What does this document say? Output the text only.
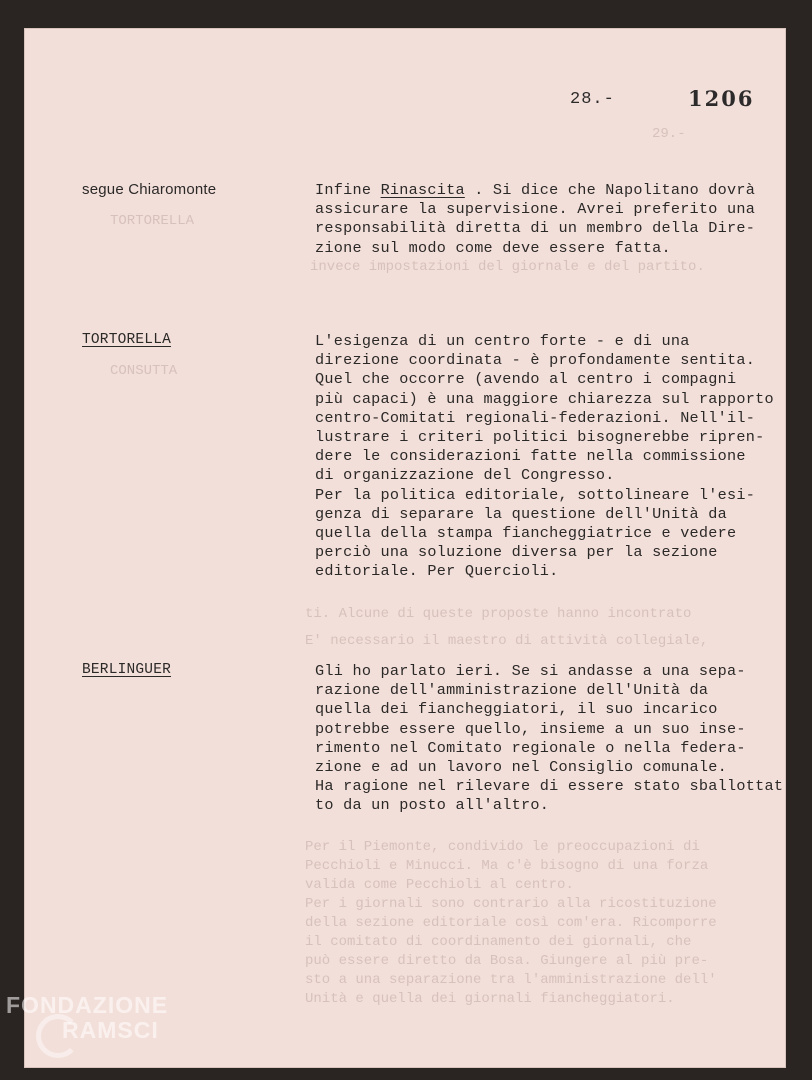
29.-
TORTORELLA
CONSUTTA
invece impostazioni del giornale e del partito.
ti. Alcune di queste proposte hanno incontrato
E' necessario il maestro di attività collegiale,
Per il Piemonte, condivido le preoccupazioni di
Pecchioli e Minucci. Ma c'è bisogno di una forza
valida come Pecchioli al centro.
Per i giornali sono contrario alla ricostituzione
della sezione editoriale così com'era. Ricomporre
il comitato di coordinamento dei giornali, che
può essere diretto da Bosa. Giungere al più pre-
sto a una separazione tra l'amministrazione dell'
Unità e quella dei giornali fiancheggiatori.
28.-	1206
segue Chiaromonte	Infine Rinascita . Si dice che Napolitano dovrà

assicurare la supervisione. Avrei preferito una

responsabilità diretta di un membro della Dire-

zione sul modo come deve essere fatta.

TORTORELLA	L'esigenza di un centro forte - e di una

direzione coordinata - è profondamente sentita.

Quel che occorre (avendo al centro i compagni

più capaci) è una maggiore chiarezza sul rapporto

centro-Comitati regionali-federazioni. Nell'il-

lustrare i criteri politici bisognerebbe ripren-

dere le considerazioni fatte nella commissione

di organizzazione del Congresso.

Per la politica editoriale, sottolineare l'esi-

genza di separare la questione dell'Unità da

quella della stampa fiancheggiatrice e vedere

perciò una soluzione diversa per la sezione

editoriale. Per Quercioli.

BERLINGUER	Gli ho parlato ieri. Se si andasse a una sepa-

razione dell'amministrazione dell'Unità da

quella dei fiancheggiatori, il suo incarico

potrebbe essere quello, insieme a un suo inse-

rimento nel Comitato regionale o nella federa-

zione e ad un lavoro nel Consiglio comunale.

Ha ragione nel rilevare di essere stato sballottat

to da un posto all'altro.

FONDAZIONE
RAMSCI
